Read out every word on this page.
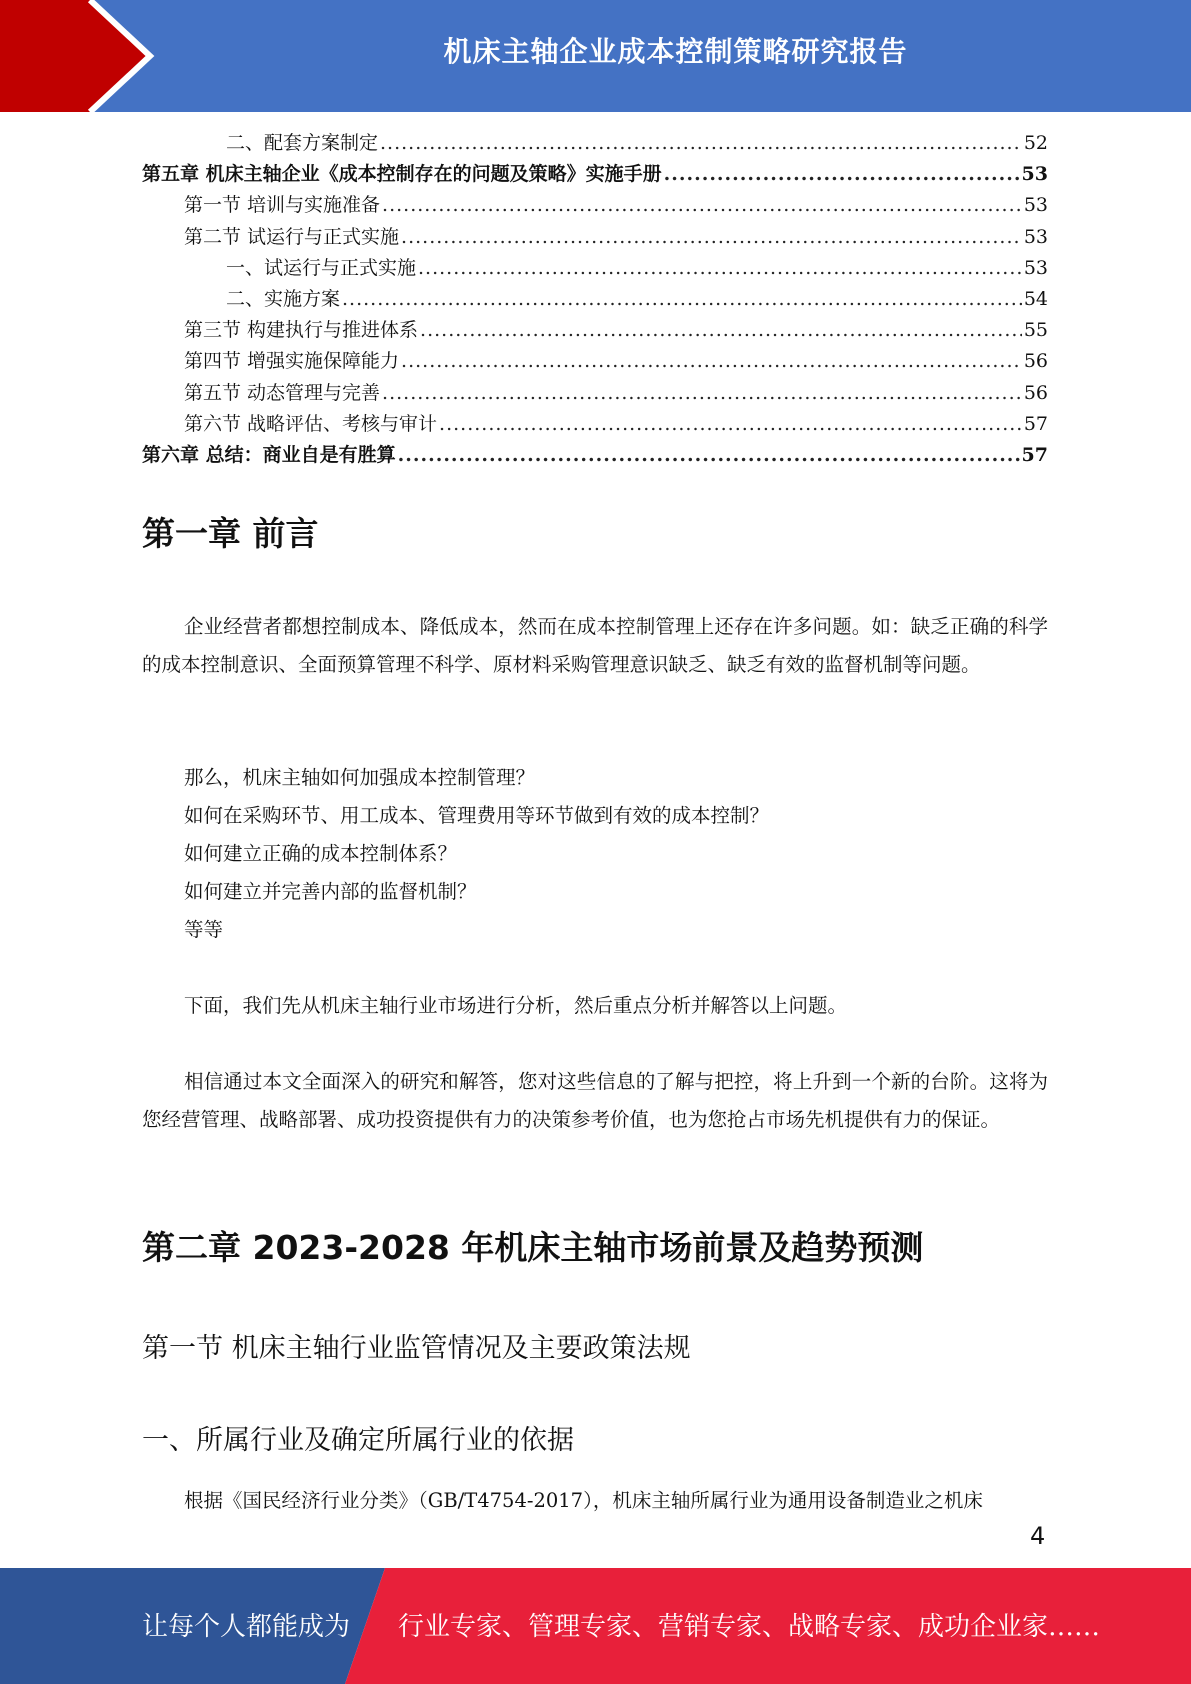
机床主轴企业成本控制策略研究报告
二、配套方案制定 .....	52
第五章 机床主轴企业《成本控制存在的问题及策略》实施手册 .....	53
第一节 培训与实施准备 .....	53
第二节 试运行与正式实施 .....	53
一、试运行与正式实施 .....	53
二、实施方案 .....	54
第三节 构建执行与推进体系 .....	55
第四节 增强实施保障能力 .....	56
第五节 动态管理与完善 .....	56
第六节 战略评估、考核与审计 .....	57
第六章 总结：商业自是有胜算 .....	57
第一章 前言

企业经营者都想控制成本、降低成本，然而在成本控制管理上还存在许多问题。如：缺乏正确的科学的成本控制意识、全面预算管理不科学、原材料采购管理意识缺乏、缺乏有效的监督机制等问题。

那么，机床主轴如何加强成本控制管理？
如何在采购环节、用工成本、管理费用等环节做到有效的成本控制？
如何建立正确的成本控制体系？
如何建立并完善内部的监督机制？
等等

下面，我们先从机床主轴行业市场进行分析，然后重点分析并解答以上问题。

相信通过本文全面深入的研究和解答，您对这些信息的了解与把控，将上升到一个新的台阶。这将为您经营管理、战略部署、成功投资提供有力的决策参考价值，也为您抢占市场先机提供有力的保证。

第二章 2023-2028 年机床主轴市场前景及趋势预测
第一节 机床主轴行业监管情况及主要政策法规
一、所属行业及确定所属行业的依据

根据《国民经济行业分类》（GB/T4754-2017），机床主轴所属行业为通用设备制造业之机床

4
让每个人都能成为 行业专家、管理专家、营销专家、战略专家、成功企业家……
